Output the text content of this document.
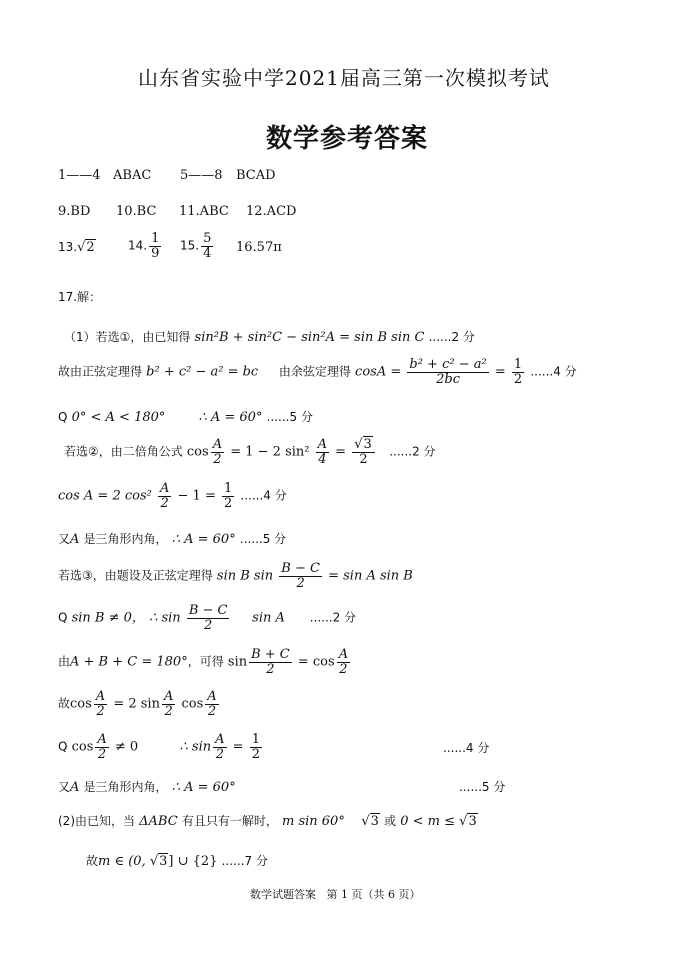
山东省实验中学2021届高三第一次模拟考试
数学参考答案
1——4 ABAC 5——8 BCAD
9.BD 10.BC 11.ABC 12.ACD
13.√2	14. $\frac{1}{9} 15$. $\frac{5}{4} 16.57\pi$
17.解：
（1）若选①，由已知得 sin²B + sin²C − sin²A = sin B sin C ......2 分
故由正弦定理得 b² + c² − a² = bc 由余弦定理得 $\cos A = \frac{\text{b² + c² − a²}}{2bc} = \frac{1}{2} ......4$ 分
Q 0° < A < 180°	∴ A = 60° ......5 分
若选②，由二倍角公式 $\cos \frac{A}{2} = 1 - 2$ $\sin^2 \frac{A}{4} = \frac{√3}{2} ......2$ 分
cos A = 2 $\cos^2 \frac{A}{2} - 1 = \frac{1}{2} ......4$ 分
又A 是三角形内角， ∴ A = 60° ......5 分
若选③，由题设及正弦定理得 sin B $\sin \frac{B - C}{2} = \sin A$ sin B
Q sin B ≠ 0， ∴ $\sin \frac{B - C}{2}$ sin A ......2 分
由A + B + C = 180°，可得 $\sin \frac{B + C}{2} = \cos \frac{A}{2}$
故$\cos \frac{A}{2} = 2$ $\sin \frac{A}{2}$ $\cos \frac{A}{2}$
Q $\cos \frac{A}{2} \ne 0$	∴ $\sin \frac{A}{2} = \frac{1}{2}$	......4 分
又A 是三角形内角， ∴ A = 60°	......5 分
(2)由已知，当 ΔABC 有且只有一解时， m sin 60° √3 或 0 < m ≤ √3
故m ∈ (0, √3] ∪ {2} ......7 分
数学试题答案 第 1 页（共 6 页）
